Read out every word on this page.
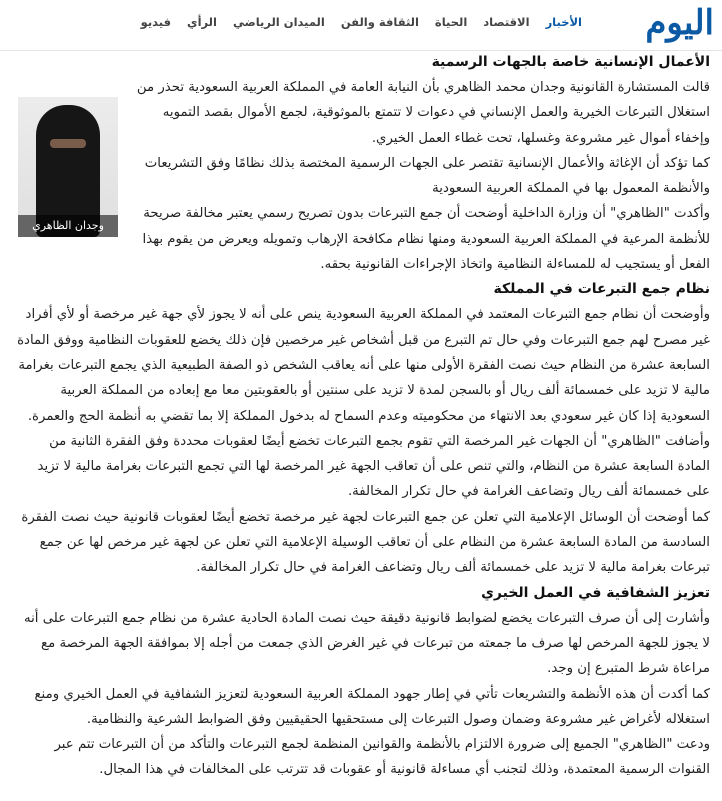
اليوم
الأخبار
الاقتصاد
الحياة
الثقافة والفن
الميدان الرياضي
الرأي
فيديو
الأعمال الإنسانية خاصة بالجهات الرسمية
وجدان الظاهري

قالت المستشارة القانونية وجدان محمد الظاهري بأن النيابة العامة في المملكة العربية السعودية تحذر من استغلال التبرعات الخيرية والعمل الإنساني في دعوات لا تتمتع بالموثوقية، لجمع الأموال بقصد التمويه وإخفاء أموال غير مشروعة وغسلها، تحت غطاء العمل الخيري.

كما تؤكد أن الإغاثة والأعمال الإنسانية تقتصر على الجهات الرسمية المختصة بذلك نظامًا وفق التشريعات والأنظمة المعمول بها في المملكة العربية السعودية

وأكدت "الظاهري" أن وزارة الداخلية أوضحت أن جمع التبرعات بدون تصريح رسمي يعتبر مخالفة صريحة للأنظمة المرعية في المملكة العربية السعودية ومنها نظام مكافحة الإرهاب وتمويله ويعرض من يقوم بهذا الفعل أو يستجيب له للمساءلة النظامية واتخاذ الإجراءات القانونية بحقه.

نظام جمع التبرعات في المملكة

وأوضحت أن نظام جمع التبرعات المعتمد في المملكة العربية السعودية ينص على أنه لا يجوز لأي جهة غير مرخصة أو لأي أفراد غير مصرح لهم جمع التبرعات وفي حال تم التبرع من قبل أشخاص غير مرخصين فإن ذلك يخضع للعقوبات النظامية ووفق المادة السابعة عشرة من النظام حيث نصت الفقرة الأولى منها على أنه يعاقب الشخص ذو الصفة الطبيعية الذي يجمع التبرعات بغرامة مالية لا تزيد على خمسمائة ألف ريال أو بالسجن لمدة لا تزيد على سنتين أو بالعقوبتين معا مع إبعاده من المملكة العربية السعودية إذا كان غير سعودي بعد الانتهاء من محكوميته وعدم السماح له بدخول المملكة إلا بما تقضي به أنظمة الحج والعمرة.

وأضافت "الظاهري" أن الجهات غير المرخصة التي تقوم بجمع التبرعات تخضع أيضًا لعقوبات محددة وفق الفقرة الثانية من المادة السابعة عشرة من النظام، والتي تنص على أن تعاقب الجهة غير المرخصة لها التي تجمع التبرعات بغرامة مالية لا تزيد على خمسمائة ألف ريال وتضاعف الغرامة في حال تكرار المخالفة.

كما أوضحت أن الوسائل الإعلامية التي تعلن عن جمع التبرعات لجهة غير مرخصة تخضع أيضًا لعقوبات قانونية حيث نصت الفقرة السادسة من المادة السابعة عشرة من النظام على أن تعاقب الوسيلة الإعلامية التي تعلن عن لجهة غير مرخص لها عن جمع تبرعات بغرامة مالية لا تزيد على خمسمائة ألف ريال وتضاعف الغرامة في حال تكرار المخالفة.

تعزيز الشفافية في العمل الخيري

وأشارت إلى أن صرف التبرعات يخضع لضوابط قانونية دقيقة حيث نصت المادة الحادية عشرة من نظام جمع التبرعات على أنه لا يجوز للجهة المرخص لها صرف ما جمعته من تبرعات في غير الغرض الذي جمعت من أجله إلا بموافقة الجهة المرخصة مع مراعاة شرط المتبرع إن وجد.

كما أكدت أن هذه الأنظمة والتشريعات تأتي في إطار جهود المملكة العربية السعودية لتعزيز الشفافية في العمل الخيري ومنع استغلاله لأغراض غير مشروعة وضمان وصول التبرعات إلى مستحقيها الحقيقيين وفق الضوابط الشرعية والنظامية.

ودعت "الظاهري" الجميع إلى ضرورة الالتزام بالأنظمة والقوانين المنظمة لجمع التبرعات والتأكد من أن التبرعات تتم عبر القنوات الرسمية المعتمدة، وذلك لتجنب أي مساءلة قانونية أو عقوبات قد تترتب على المخالفات في هذا المجال.
